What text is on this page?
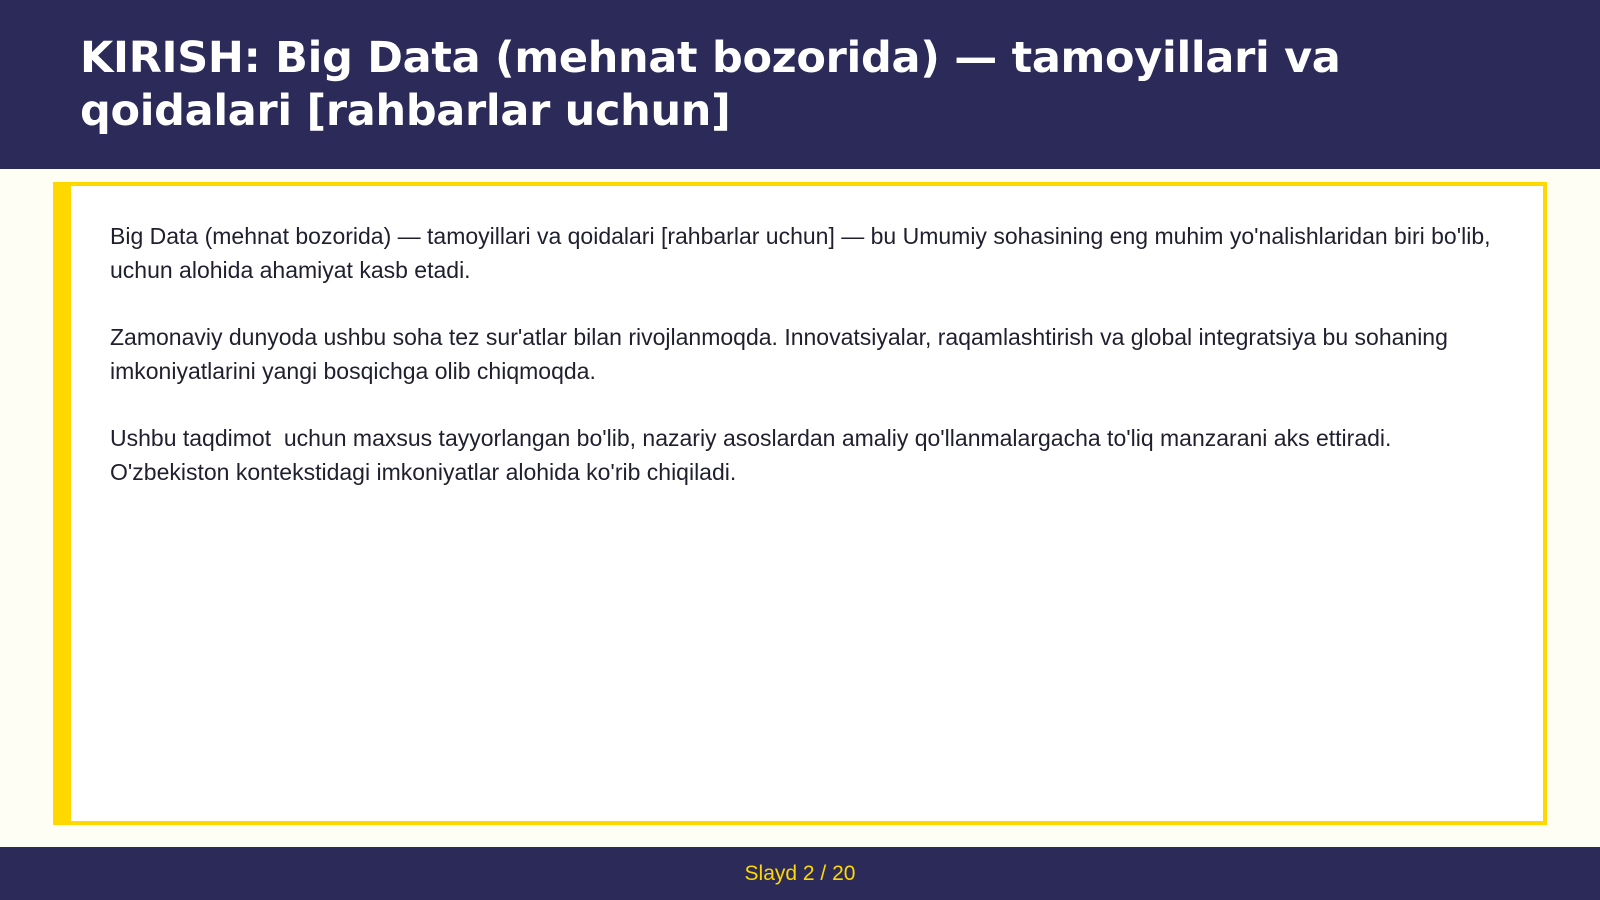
KIRISH: Big Data (mehnat bozorida) — tamoyillari va qoidalari [rahbarlar uchun]

Big Data (mehnat bozorida) — tamoyillari va qoidalari [rahbarlar uchun] — bu Umumiy sohasining eng muhim yo'nalishlaridan biri bo'lib,  uchun alohida ahamiyat kasb etadi.

Zamonaviy dunyoda ushbu soha tez sur'atlar bilan rivojlanmoqda. Innovatsiyalar, raqamlashtirish va global integratsiya bu sohaning imkoniyatlarini yangi bosqichga olib chiqmoqda.

Ushbu taqdimot  uchun maxsus tayyorlangan bo'lib, nazariy asoslardan amaliy qo'llanmalargacha to'liq manzarani aks ettiradi. O'zbekiston kontekstidagi imkoniyatlar alohida ko'rib chiqiladi.

Slayd 2 / 20
